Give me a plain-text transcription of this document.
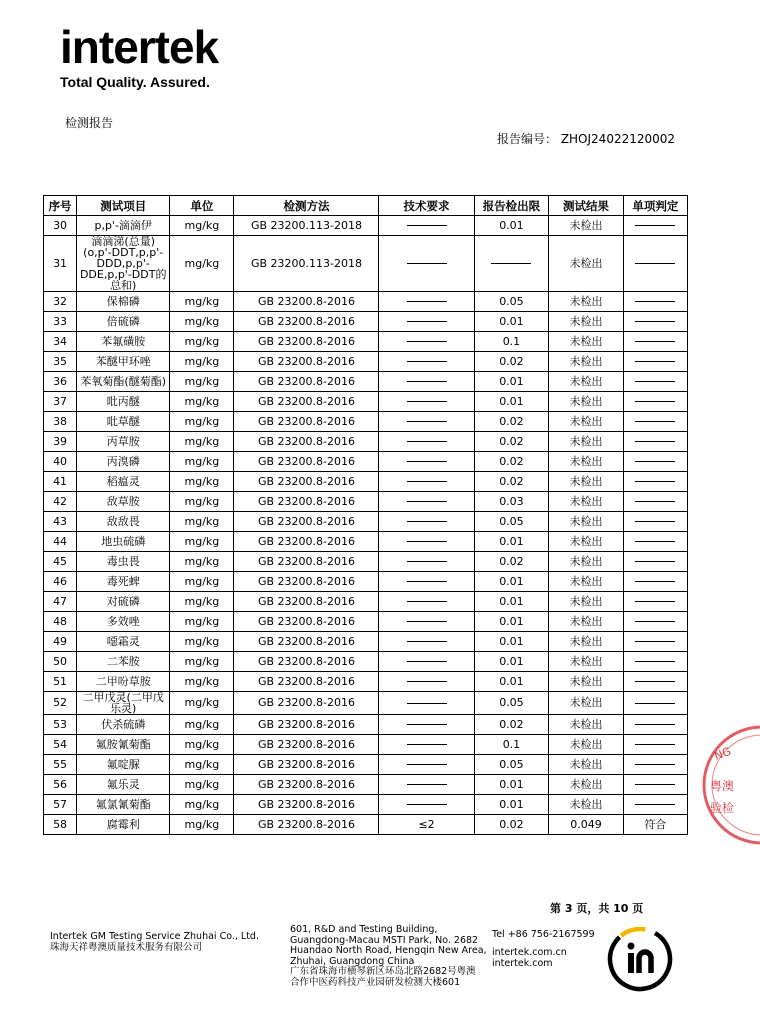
intertek
Total Quality. Assured.
检测报告
报告编号： ZHOJ24022120002
序号	测试项目	单位	检测方法	技术要求	报告检出限	测试结果	单项判定
30	p,p'-滴滴伊	mg/kg	GB 23200.113-2018		0.01	未检出	
31	滴滴涕(总量)(o,p'-DDT,p,p'-DDD,p,p'-DDE,p,p'-DDT的总和)	mg/kg	GB 23200.113-2018			未检出	
32	保棉磷	mg/kg	GB 23200.8-2016		0.05	未检出	
33	倍硫磷	mg/kg	GB 23200.8-2016		0.01	未检出	
34	苯氟磺胺	mg/kg	GB 23200.8-2016		0.1	未检出	
35	苯醚甲环唑	mg/kg	GB 23200.8-2016		0.02	未检出	
36	苯氧菊酯(醚菊酯)	mg/kg	GB 23200.8-2016		0.01	未检出	
37	吡丙醚	mg/kg	GB 23200.8-2016		0.01	未检出	
38	吡草醚	mg/kg	GB 23200.8-2016		0.02	未检出	
39	丙草胺	mg/kg	GB 23200.8-2016		0.02	未检出	
40	丙溴磷	mg/kg	GB 23200.8-2016		0.02	未检出	
41	稻瘟灵	mg/kg	GB 23200.8-2016		0.02	未检出	
42	敌草胺	mg/kg	GB 23200.8-2016		0.03	未检出	
43	敌敌畏	mg/kg	GB 23200.8-2016		0.05	未检出	
44	地虫硫磷	mg/kg	GB 23200.8-2016		0.01	未检出	
45	毒虫畏	mg/kg	GB 23200.8-2016		0.02	未检出	
46	毒死蜱	mg/kg	GB 23200.8-2016		0.01	未检出	
47	对硫磷	mg/kg	GB 23200.8-2016		0.01	未检出	
48	多效唑	mg/kg	GB 23200.8-2016		0.01	未检出	
49	噁霜灵	mg/kg	GB 23200.8-2016		0.01	未检出	
50	二苯胺	mg/kg	GB 23200.8-2016		0.01	未检出	
51	二甲吩草胺	mg/kg	GB 23200.8-2016		0.01	未检出	
52	二甲戊灵(二甲戊乐灵)	mg/kg	GB 23200.8-2016		0.05	未检出	
53	伏杀硫磷	mg/kg	GB 23200.8-2016		0.02	未检出	
54	氟胺氰菊酯	mg/kg	GB 23200.8-2016		0.1	未检出	
55	氟啶脲	mg/kg	GB 23200.8-2016		0.05	未检出	
56	氟乐灵	mg/kg	GB 23200.8-2016		0.01	未检出	
57	氟氯氰菊酯	mg/kg	GB 23200.8-2016		0.01	未检出	
58	腐霉利	mg/kg	GB 23200.8-2016	≤2	0.02	0.049	符合
第 3 页，共 10 页
Intertek GM Testing Service Zhuhai Co., Ltd.
珠海天祥粤澳质量技术服务有限公司
601, R&D and Testing Building,
Guangdong-Macau MSTI Park, No. 2682
Huandao North Road, Hengqin New Area,
Zhuhai, Guangdong China
广东省珠海市横琴新区环岛北路2682号粤澳
合作中医药科技产业园研发检测大楼601
Tel +86 756-2167599
intertek.com.cn
intertek.com
NG
粤澳
验检
